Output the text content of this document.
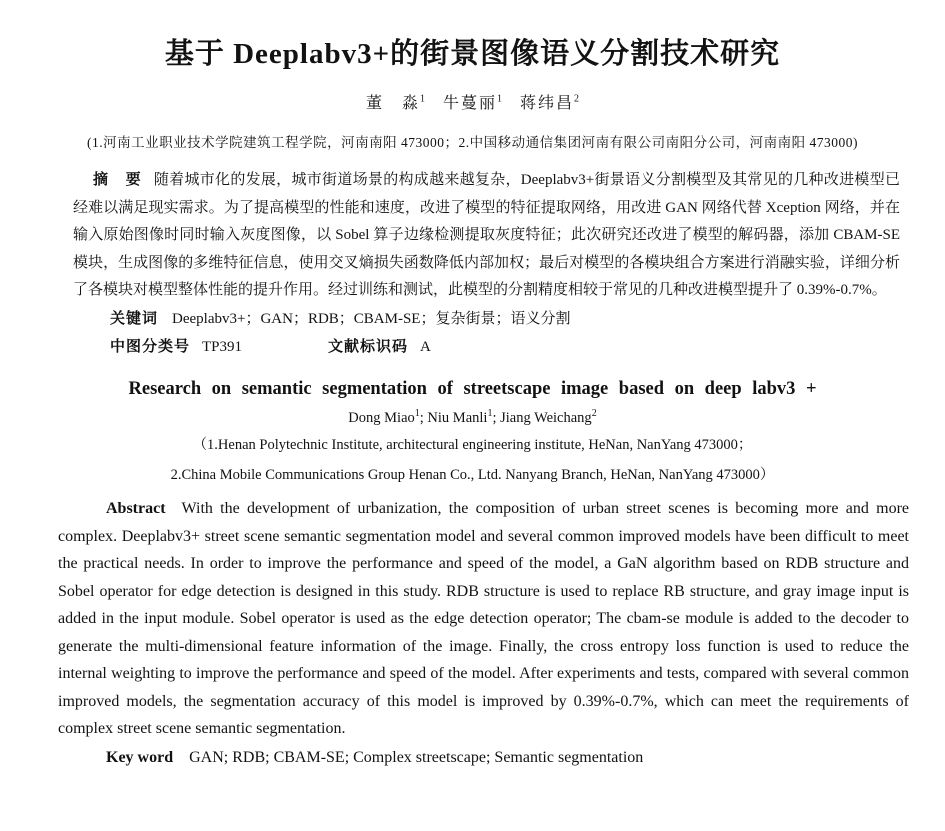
基于 Deeplabv3+的街景图像语义分割技术研究
董　淼$^1$　 牛蔓丽$^1$　 蒋纬昌$^2$
(1.河南工业职业技术学院建筑工程学院，河南南阳 473000；2.中国移动通信集团河南有限公司南阳分公司，河南南阳 473000)

摘　要 随着城市化的发展，城市街道场景的构成越来越复杂，Deeplabv3+街景语义分割模型及其常见的几种改进模型已经难以满足现实需求。为了提高模型的性能和速度，改进了模型的特征提取网络，用改进 GAN 网络代替 Xception 网络，并在输入原始图像时同时输入灰度图像，以 Sobel 算子边缘检测提取灰度特征；此次研究还改进了模型的解码器，添加 CBAM-SE 模块，生成图像的多维特征信息，使用交叉熵损失函数降低内部加权；最后对模型的各模块组合方案进行消融实验，详细分析了各模块对模型整体性能的提升作用。经过训练和测试，此模型的分割精度相较于常见的几种改进模型提升了 0.39%-0.7%。

关键词 Deeplabv3+；GAN；RDB；CBAM-SE；复杂街景；语义分割
中图分类号 TP391	文献标识码 A
Research on semantic segmentation of streetscape image based on deep labv3 +
Dong Miao$^1$; Niu Manli$^1$; Jiang Weichang$^2$
（1.Henan Polytechnic Institute, architectural engineering institute, HeNan, NanYang 473000；
2.China Mobile Communications Group Henan Co., Ltd. Nanyang Branch, HeNan, NanYang 473000）

Abstract With the development of urbanization, the composition of urban street scenes is becoming more and more complex. Deeplabv3+ street scene semantic segmentation model and several common improved models have been difficult to meet the practical needs. In order to improve the performance and speed of the model, a GaN algorithm based on RDB structure and Sobel operator for edge detection is designed in this study. RDB structure is used to replace RB structure, and gray image input is added in the input module. Sobel operator is used as the edge detection operator; The cbam-se module is added to the decoder to generate the multi-dimensional feature information of the image. Finally, the cross entropy loss function is used to reduce the internal weighting to improve the performance and speed of the model. After experiments and tests, compared with several common improved models, the segmentation accuracy of this model is improved by 0.39%-0.7%, which can meet the requirements of complex street scene semantic segmentation.

Key word GAN; RDB; CBAM-SE; Complex streetscape; Semantic segmentation
